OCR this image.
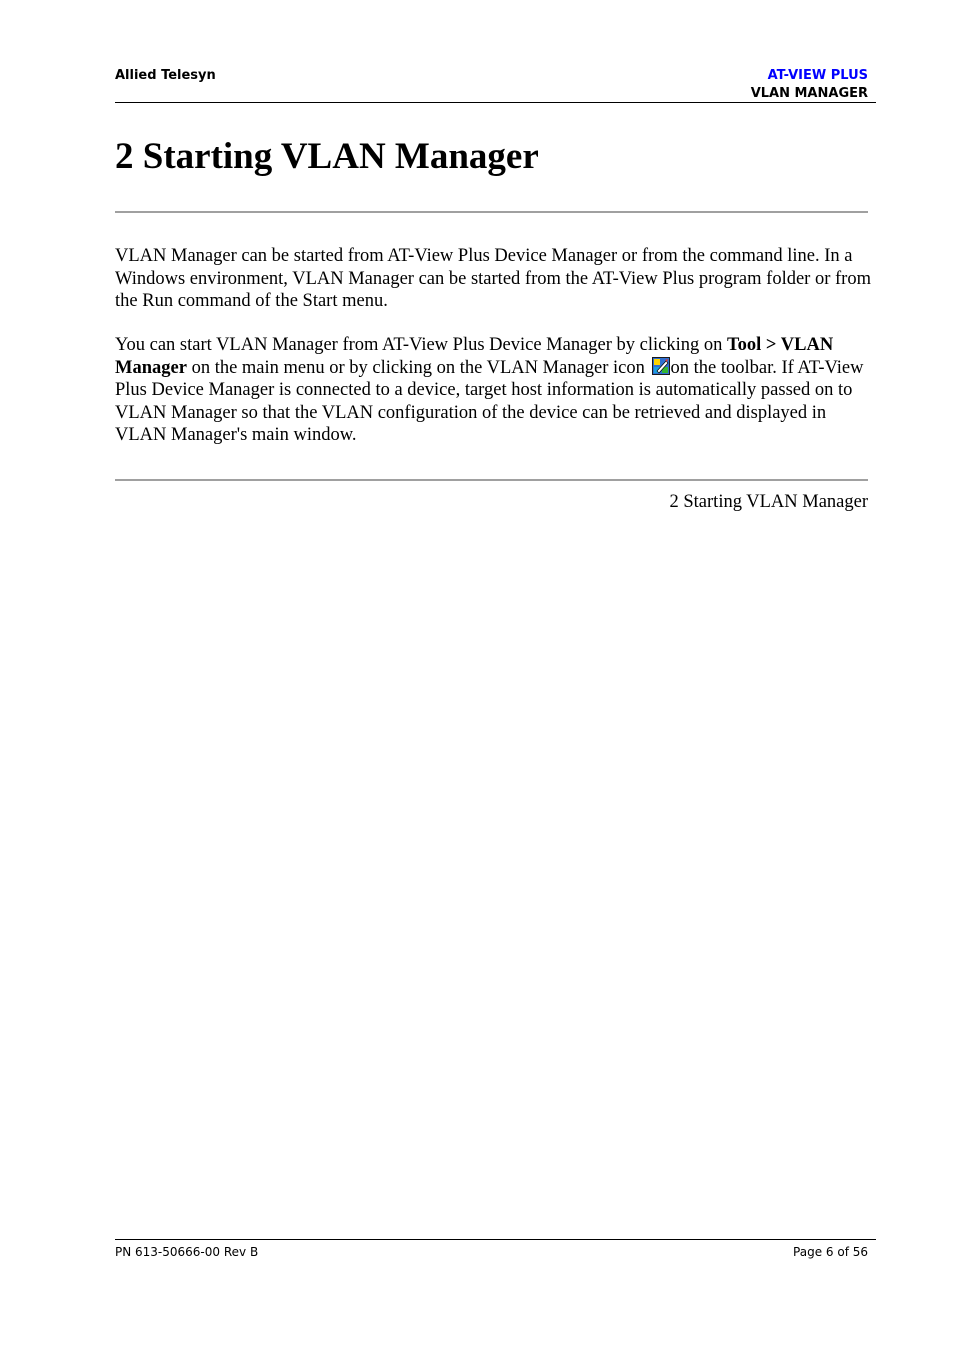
Allied Telesyn	AT-VIEW PLUS
VLAN MANAGER
2 Starting VLAN Manager

VLAN Manager can be started from AT-View Plus Device Manager or from the command line. In a Windows environment, VLAN Manager can be started from the AT-View Plus program folder or from the Run command of the Start menu.

You can start VLAN Manager from AT-View Plus Device Manager by clicking on Tool > VLAN Manager on the main menu or by clicking on the VLAN Manager icon on the toolbar. If AT-View Plus Device Manager is connected to a device, target host information is automatically passed on to VLAN Manager so that the VLAN configuration of the device can be retrieved and displayed in VLAN Manager's main window.

2 Starting VLAN Manager
PN 613-50666-00 Rev B	Page 6 of 56
